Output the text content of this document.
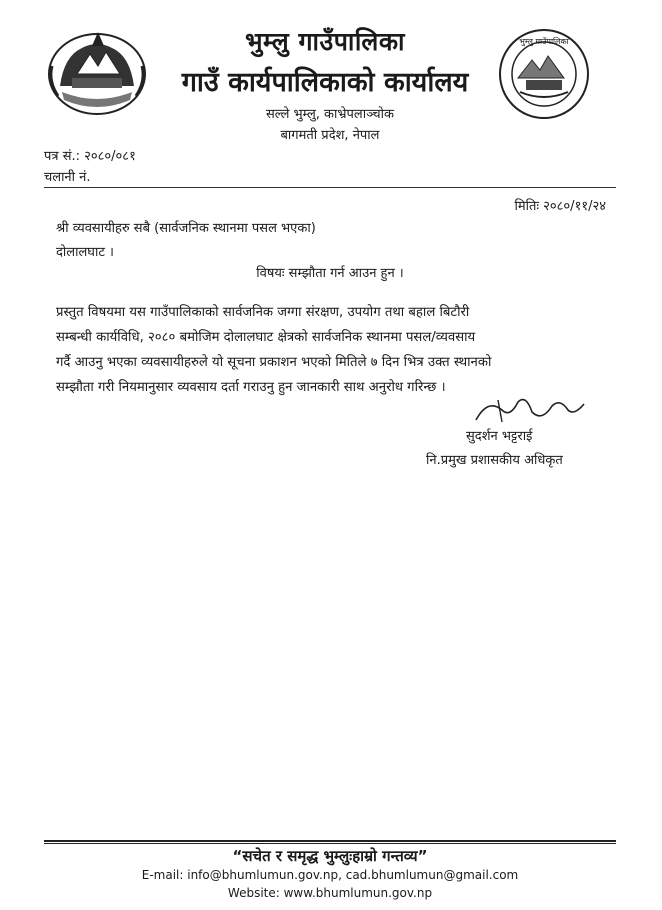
भुम्लु गाउँपालिका
भुम्लु गाउँपालिका
गाउँ कार्यपालिकाको कार्यालय
सल्ले भुम्लु, काभ्रेपलाञ्चोक
बागमती प्रदेश, नेपाल
पत्र सं.: २०८०/०८१
चलानी नं.
मितिः २०८०/११/२४
श्री व्यवसायीहरु सबै (सार्वजनिक स्थानमा पसल भएका)
दोलालघाट ।
विषयः सम्झौता गर्न आउन हुन ।
प्रस्तुत विषयमा यस गाउँपालिकाको सार्वजनिक जग्गा संरक्षण, उपयोग तथा बहाल बिटौरी
सम्बन्धी कार्यविधि, २०८० बमोजिम दोलालघाट क्षेत्रको सार्वजनिक स्थानमा पसल/व्यवसाय
गर्दै आउनु भएका व्यवसायीहरुले यो सूचना प्रकाशन भएको मितिले ७ दिन भित्र उक्त स्थानको
सम्झौता गरी नियमानुसार व्यवसाय दर्ता गराउनु हुन जानकारी साथ अनुरोध गरिन्छ ।
सुदर्शन भट्टराई
नि.प्रमुख प्रशासकीय अधिकृत
“सचेत र समृद्ध भुम्लुःहाम्रो गन्तव्य”
E-mail: info@bhumlumun.gov.np, cad.bhumlumun@gmail.com
Website: www.bhumlumun.gov.np
